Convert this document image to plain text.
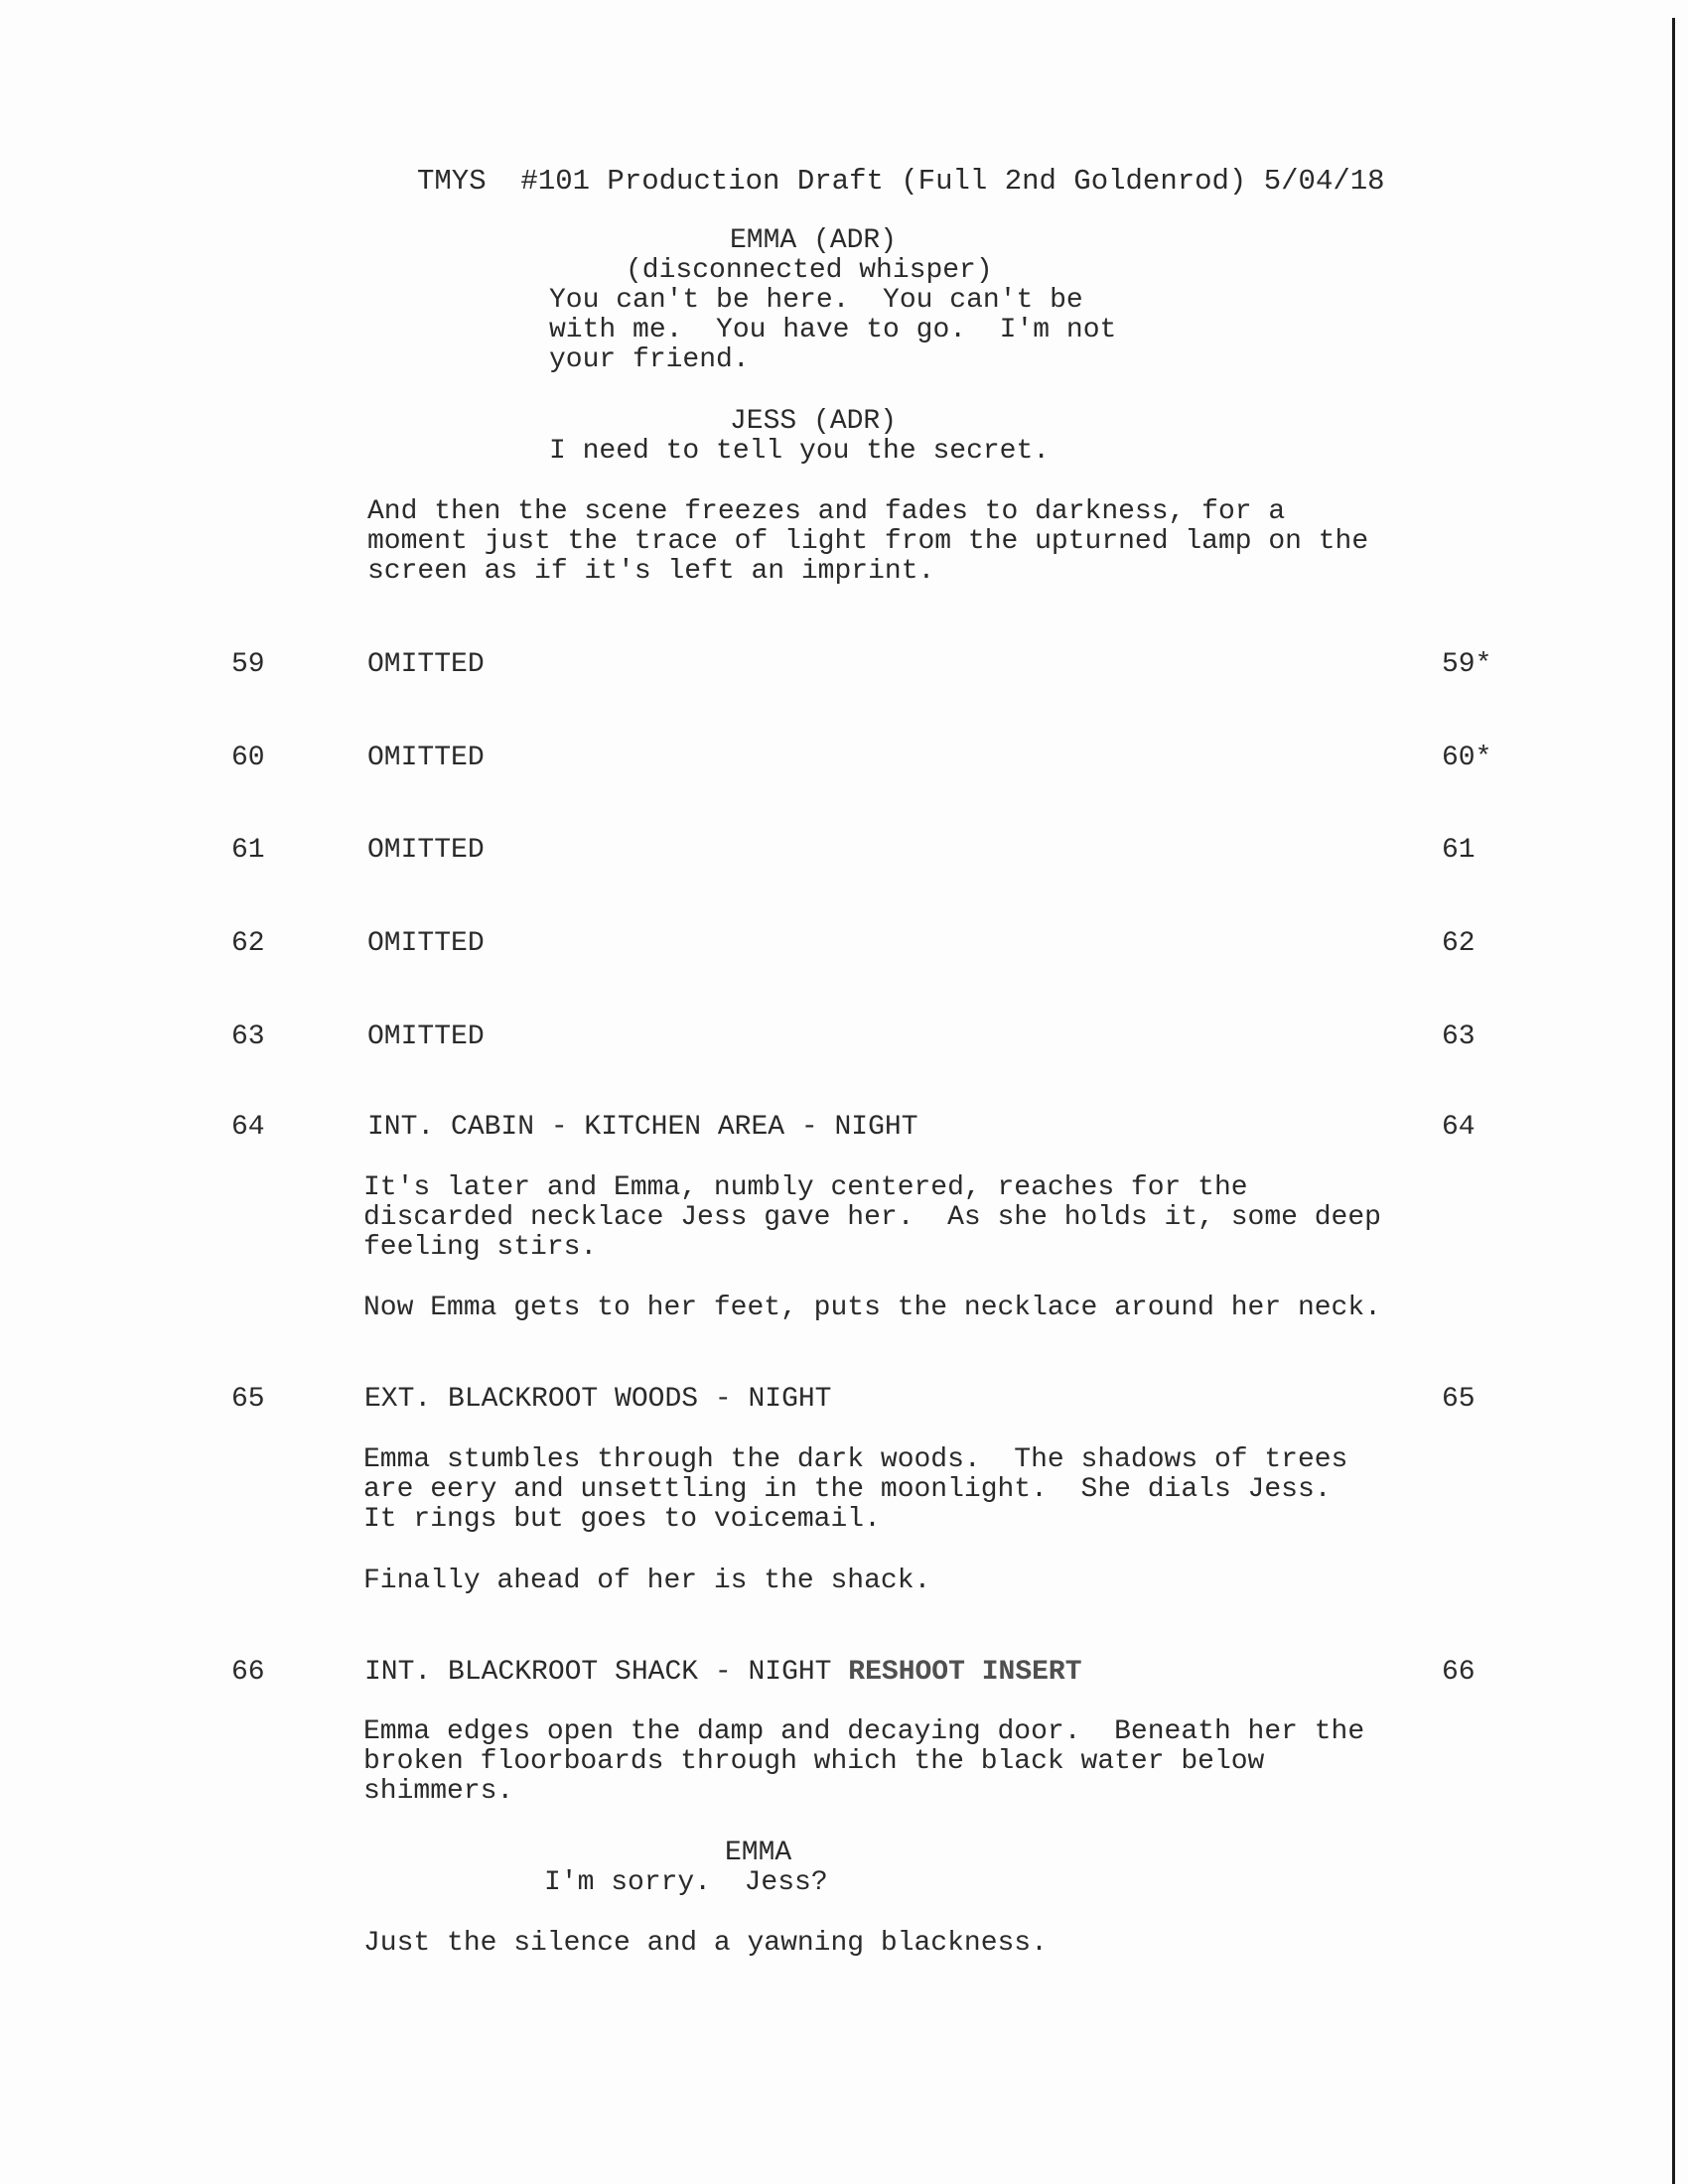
TMYS  #101 Production Draft (Full 2nd Goldenrod) 5/04/18

EMMA (ADR)
(disconnected whisper)
You can't be here.  You can't be
with me.  You have to go.  I'm not
your friend.
JESS (ADR)
I need to tell you the secret.
And then the scene freezes and fades to darkness, for a
moment just the trace of light from the upturned lamp on the
screen as if it's left an imprint.
59	OMITTED	59*
60	OMITTED	60*
61	OMITTED	61
62	OMITTED	62
63	OMITTED	63
64	INT. CABIN - KITCHEN AREA - NIGHT	64
It's later and Emma, numbly centered, reaches for the
discarded necklace Jess gave her.  As she holds it, some deep
feeling stirs.
Now Emma gets to her feet, puts the necklace around her neck.
65	EXT. BLACKROOT WOODS - NIGHT	65
Emma stumbles through the dark woods.  The shadows of trees
are eery and unsettling in the moonlight.  She dials Jess.
It rings but goes to voicemail.
Finally ahead of her is the shack.
66	INT. BLACKROOT SHACK - NIGHT RESHOOT INSERT	66
Emma edges open the damp and decaying door.  Beneath her the
broken floorboards through which the black water below
shimmers.
EMMA
I'm sorry.  Jess?
Just the silence and a yawning blackness.
